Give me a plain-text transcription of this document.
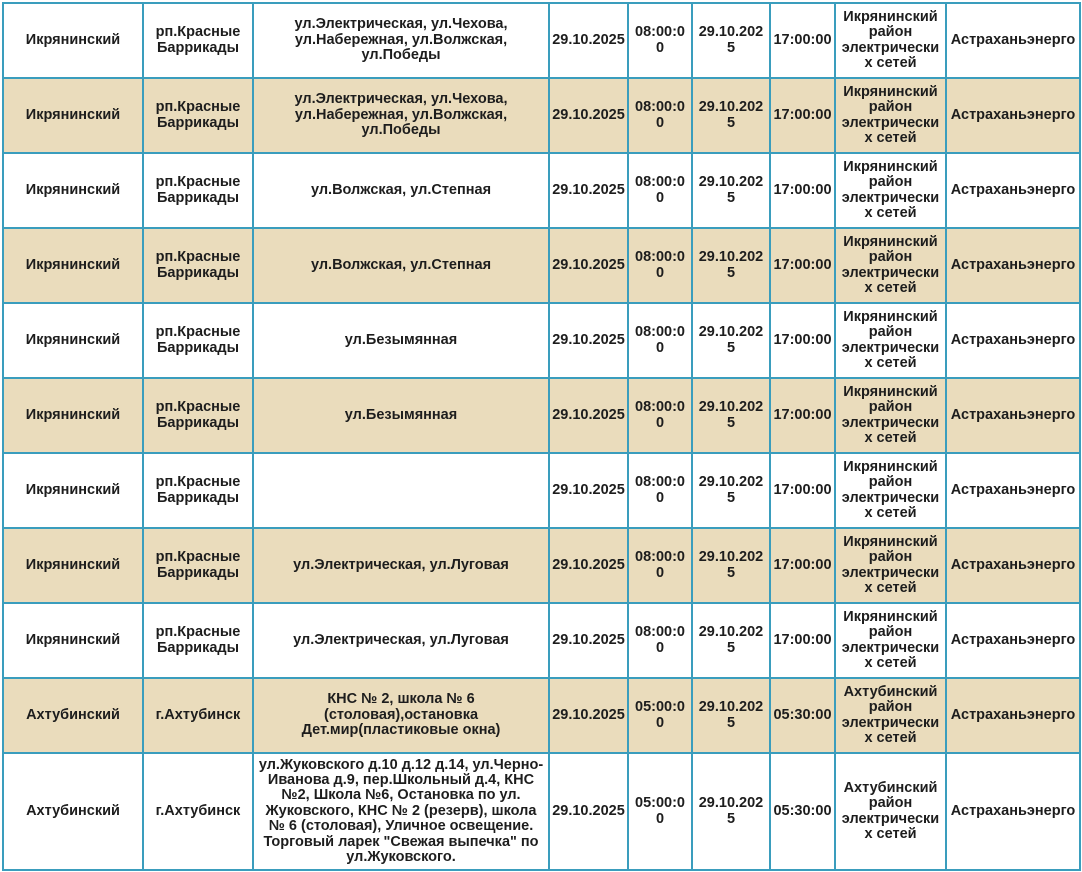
Икрянинский	рп.Красные Баррикады	ул.Электрическая, ул.Чехова, ул.Набережная, ул.Волжская, ул.Победы	29.10.2025	08:00:00	29.10.2025	17:00:00	Икрянинский район электрических сетей	Астраханьэнерго
Икрянинский	рп.Красные Баррикады	ул.Электрическая, ул.Чехова, ул.Набережная, ул.Волжская, ул.Победы	29.10.2025	08:00:00	29.10.2025	17:00:00	Икрянинский район электрических сетей	Астраханьэнерго
Икрянинский	рп.Красные Баррикады	ул.Волжская, ул.Степная	29.10.2025	08:00:00	29.10.2025	17:00:00	Икрянинский район электрических сетей	Астраханьэнерго
Икрянинский	рп.Красные Баррикады	ул.Волжская, ул.Степная	29.10.2025	08:00:00	29.10.2025	17:00:00	Икрянинский район электрических сетей	Астраханьэнерго
Икрянинский	рп.Красные Баррикады	ул.Безымянная	29.10.2025	08:00:00	29.10.2025	17:00:00	Икрянинский район электрических сетей	Астраханьэнерго
Икрянинский	рп.Красные Баррикады	ул.Безымянная	29.10.2025	08:00:00	29.10.2025	17:00:00	Икрянинский район электрических сетей	Астраханьэнерго
Икрянинский	рп.Красные Баррикады		29.10.2025	08:00:00	29.10.2025	17:00:00	Икрянинский район электрических сетей	Астраханьэнерго
Икрянинский	рп.Красные Баррикады	ул.Электрическая, ул.Луговая	29.10.2025	08:00:00	29.10.2025	17:00:00	Икрянинский район электрических сетей	Астраханьэнерго
Икрянинский	рп.Красные Баррикады	ул.Электрическая, ул.Луговая	29.10.2025	08:00:00	29.10.2025	17:00:00	Икрянинский район электрических сетей	Астраханьэнерго
Ахтубинский	г.Ахтубинск	КНС № 2, школа № 6 (столовая),остановка Дет.мир(пластиковые окна)	29.10.2025	05:00:00	29.10.2025	05:30:00	Ахтубинский район электрических сетей	Астраханьэнерго
Ахтубинский	г.Ахтубинск	ул.Жуковского д.10 д.12 д.14, ул.Черно-Иванова д.9, пер.Школьный д.4, КНС №2, Школа №6, Остановка по ул. Жуковского, КНС № 2 (резерв), школа № 6 (столовая), Уличное освещение. Торговый ларек "Свежая выпечка" по ул.Жуковского.	29.10.2025	05:00:00	29.10.2025	05:30:00	Ахтубинский район электрических сетей	Астраханьэнерго
